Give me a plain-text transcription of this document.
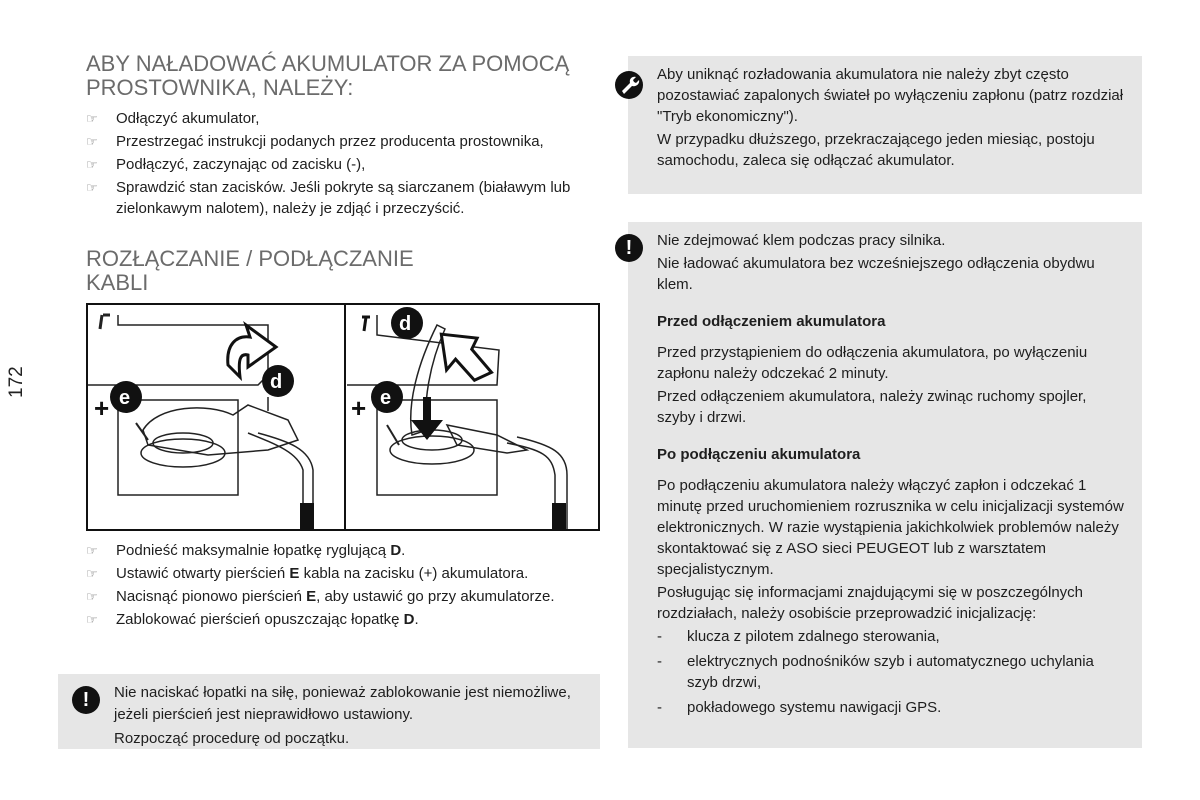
172
ABY NAŁADOWAĆ AKUMULATOR ZA POMOCĄ
PROSTOWNIKA, NALEŻY:
☞ Odłączyć akumulator,
☞ Przestrzegać instrukcji podanych przez producenta prostownika,
☞ Podłączyć, zaczynając od zacisku (-),
☞ Sprawdzić stan zacisków. Jeśli pokryte są siarczanem (białawym lub zielonkawym nalotem), należy je zdjąć i przeczyścić.
ROZŁĄCZANIE / PODŁĄCZANIE
KABLI
+ e
d
+ e
d
☞ Podnieść maksymalnie łopatkę ryglującą D.
☞ Ustawić otwarty pierścień E kabla na zacisku (+) akumulatora.
☞ Nacisnąć pionowo pierścień E, aby ustawić go przy akumulatorze.
☞ Zablokować pierścień opuszczając łopatkę D.
!	Nie naciskać łopatki na siłę, ponieważ zablokowanie jest niemożliwe, jeżeli pierścień jest nieprawidłowo ustawiony.
Rozpocząć procedurę od początku.

Aby uniknąć rozładowania akumulatora nie należy zbyt często pozostawiać zapalonych świateł po wyłączeniu zapłonu (patrz rozdział "Tryb ekonomiczny").

W przypadku dłuższego, przekraczającego jeden miesiąc, postoju samochodu, zaleca się odłączać akumulator.

!	Nie zdejmować klem podczas pracy silnika.

Nie ładować akumulatora bez wcześniejszego odłączenia obydwu klem.

Przed odłączeniem akumulatora

Przed przystąpieniem do odłączenia akumulatora, po wyłączeniu zapłonu należy odczekać 2 minuty.

Przed odłączeniem akumulatora, należy zwinąc ruchomy spojler, szyby i drzwi.

Po podłączeniu akumulatora

Po podłączeniu akumulatora należy włączyć zapłon i odczekać 1 minutę przed uruchomieniem rozrusznika w celu inicjalizacji systemów elektronicznych. W razie wystąpienia jakichkolwiek problemów należy skontaktować się z ASO sieci PEUGEOT lub z warsztatem specjalistycznym.

Posługując się informacjami znajdującymi się w poszczególnych rozdziałach, należy osobiście przeprowadzić inicjalizację:

- klucza z pilotem zdalnego sterowania,
- elektrycznych podnośników szyb i automatycznego uchylania szyb drzwi,
- pokładowego systemu nawigacji GPS.
